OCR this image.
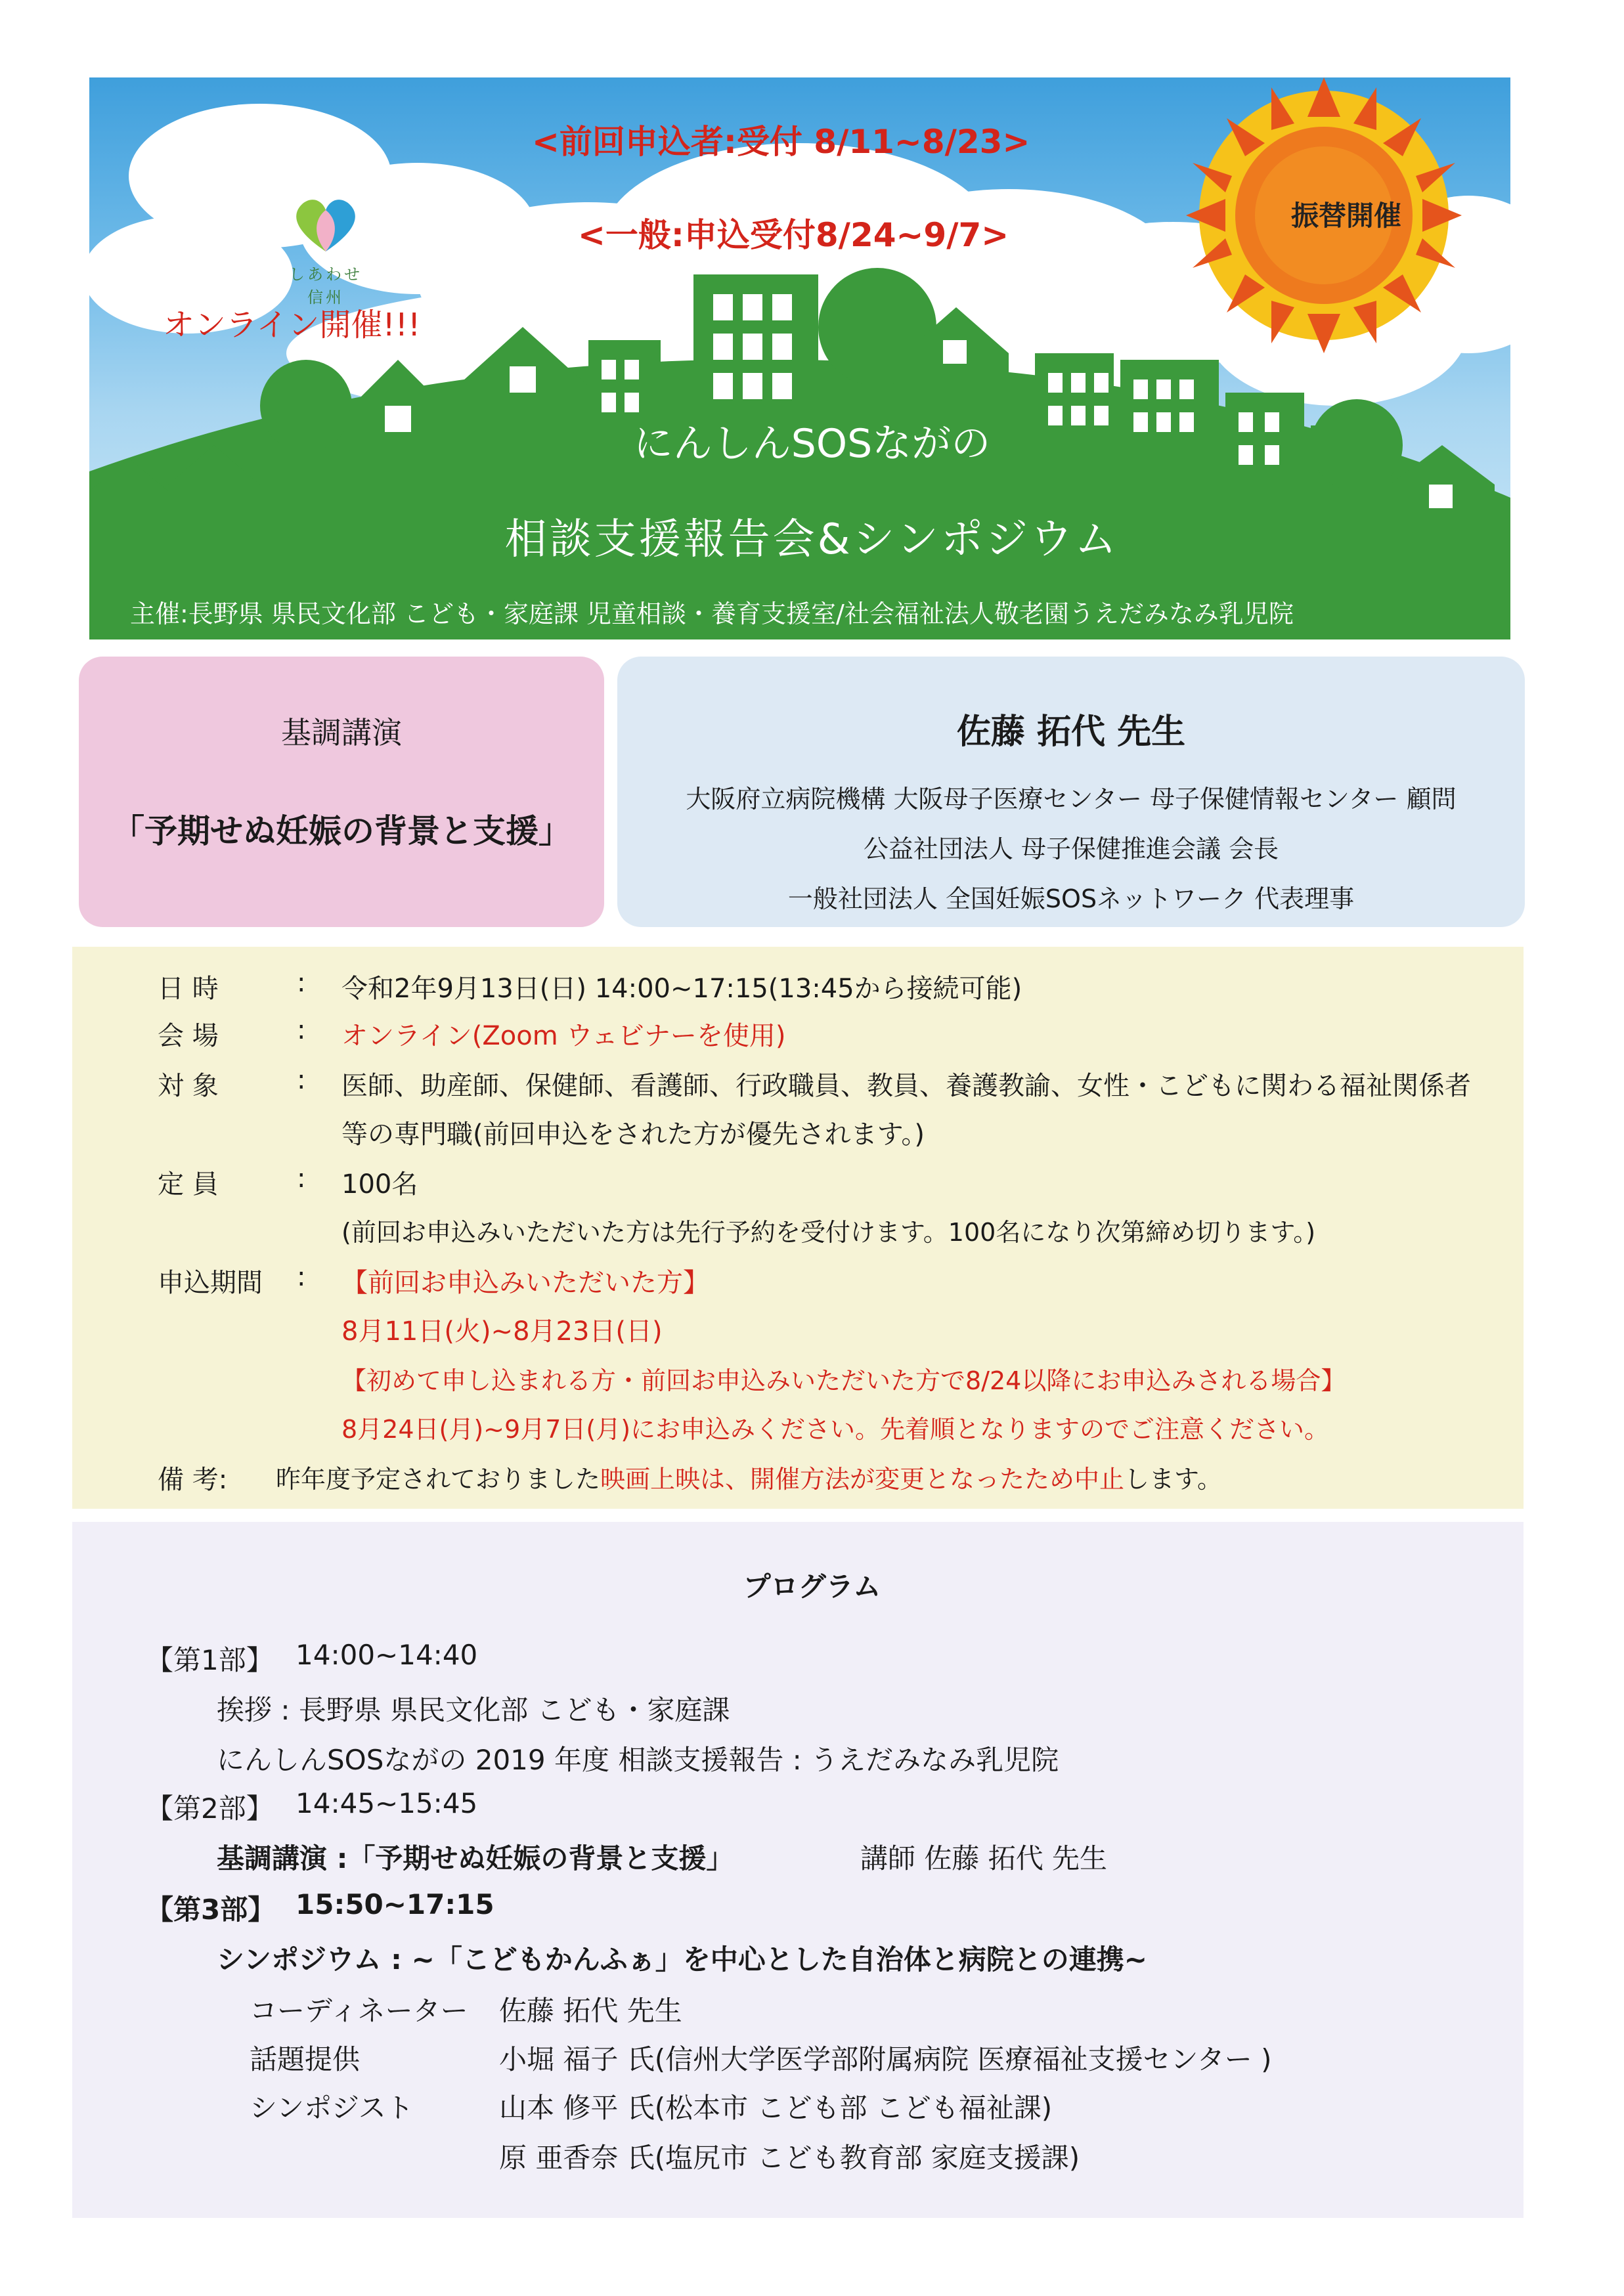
しあわせ信州
<前回申込者:受付 8/11~8/23>
<一般:申込受付8/24~9/7>
オンライン開催!!!
振替開催
にんしんSOSながの
相談支援報告会&シンポジウム
主催:長野県 県民文化部 こども・家庭課 児童相談・養育支援室/社会福祉法人敬老園うえだみなみ乳児院
基調講演
「予期せぬ妊娠の背景と支援」
佐藤 拓代 先生
大阪府立病院機構 大阪母子医療センター 母子保健情報センター 顧問
公益社団法人 母子保健推進会議 会長
一般社団法人 全国妊娠SOSネットワーク 代表理事
日 時	: 令和2年9月13日(日) 14:00~17:15(13:45から接続可能)
会 場	: オンライン(Zoom ウェビナーを使用)
対 象	: 医師、助産師、保健師、看護師、行政職員、教員、養護教諭、女性・こどもに関わる福祉関係者
等の専門職(前回申込をされた方が優先されます。)
定 員	: 100名
(前回お申込みいただいた方は先行予約を受付けます。100名になり次第締め切ります。)
申込期間 : 【前回お申込みいただいた方】
8月11日(火)~8月23日(日)
【初めて申し込まれる方・前回お申込みいただいた方で8/24以降にお申込みされる場合】
8月24日(月)~9月7日(月)にお申込みください。先着順となりますのでご注意ください。
備 考: 昨年度予定されておりました映画上映は、開催方法が変更となったため中止します。
プログラム
【第1部】 14:00~14:40
挨拶 : 長野県 県民文化部 こども・家庭課
にんしんSOSながの 2019 年度 相談支援報告 : うえだみなみ乳児院
【第2部】 14:45~15:45
基調講演 :「予期せぬ妊娠の背景と支援」	講師 佐藤 拓代 先生
【第3部】 15:50~17:15
シンポジウム : ~「こどもかんふぁ」を中心とした自治体と病院との連携~
コーディネーター 佐藤 拓代 先生
話題提供	小堀 福子 氏(信州大学医学部附属病院 医療福祉支援センター )
シンポジスト	山本 修平 氏(松本市 こども部 こども福祉課)
原 亜香奈 氏(塩尻市 こども教育部 家庭支援課)
